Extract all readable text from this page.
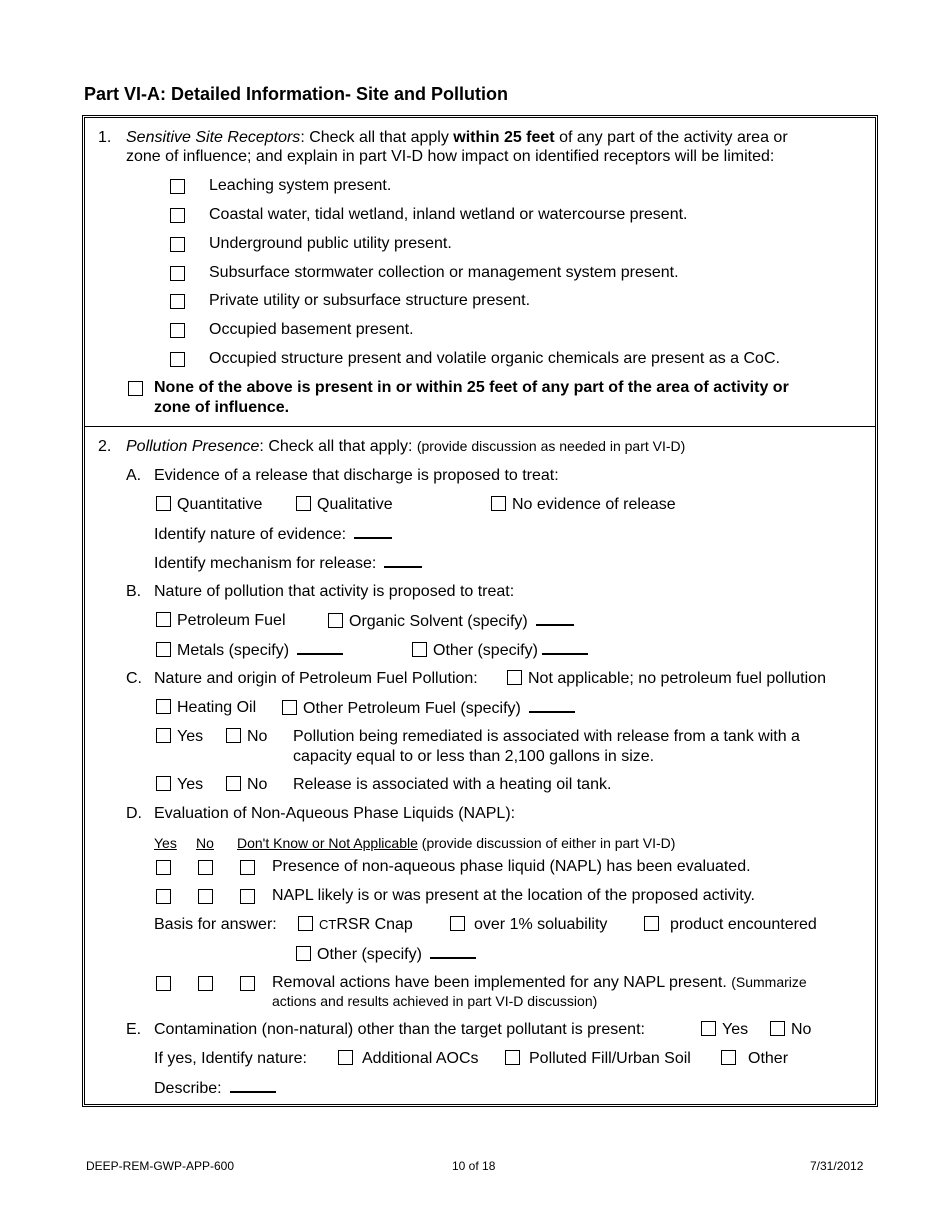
Part VI-A: Detailed Information- Site and Pollution
1. Sensitive Site Receptors: Check all that apply within 25 feet of any part of the activity area or
zone of influence; and explain in part VI-D how impact on identified receptors will be limited:
Leaching system present.
Coastal water, tidal wetland, inland wetland or watercourse present.
Underground public utility present.
Subsurface stormwater collection or management system present.
Private utility or subsurface structure present.
Occupied basement present.
Occupied structure present and volatile organic chemicals are present as a CoC.
None of the above is present in or within 25 feet of any part of the area of activity or
zone of influence.
2. Pollution Presence: Check all that apply: (provide discussion as needed in part VI-D)
A. Evidence of a release that discharge is proposed to treat:
Quantitative	Qualitative	No evidence of release
Identify nature of evidence:
Identify mechanism for release:
B. Nature of pollution that activity is proposed to treat:
Petroleum Fuel	Organic Solvent (specify)
Metals (specify)	Other (specify)
C. Nature and origin of Petroleum Fuel Pollution:	Not applicable; no petroleum fuel pollution
Heating Oil	Other Petroleum Fuel (specify)
Yes	No Pollution being remediated is associated with release from a tank with a
capacity equal to or less than 2,100 gallons in size.
Yes	No Release is associated with a heating oil tank.
D. Evaluation of Non-Aqueous Phase Liquids (NAPL):
Yes No Don't Know or Not Applicable (provide discussion of either in part VI-D)
Presence of non-aqueous phase liquid (NAPL) has been evaluated.
NAPL likely is or was present at the location of the proposed activity.
Basis for answer:	CTRSR Cnap	over 1% soluability	product encountered
Other (specify)
Removal actions have been implemented for any NAPL present. (Summarize
actions and results achieved in part VI-D discussion)
E. Contamination (non-natural) other than the target pollutant is present:	Yes	No
If yes, Identify nature:	Additional AOCs	Polluted Fill/Urban Soil	Other
Describe:
DEEP-REM-GWP-APP-600	10 of 18	7/31/2012
